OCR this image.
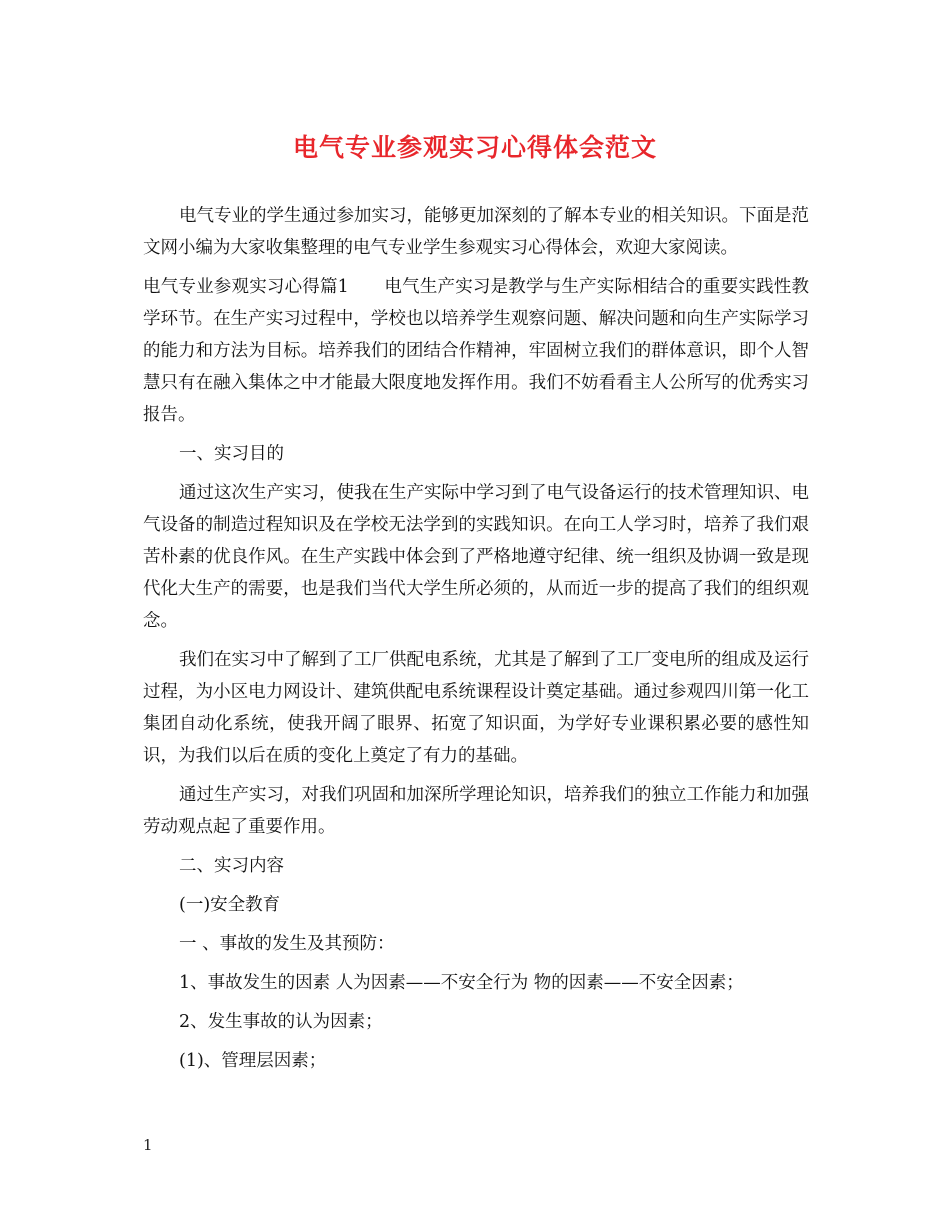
电气专业参观实习心得体会范文

电气专业的学生通过参加实习，能够更加深刻的了解本专业的相关知识。下面是范文网小编为大家收集整理的电气专业学生参观实习心得体会，欢迎大家阅读。

电气专业参观实习心得篇1　　电气生产实习是教学与生产实际相结合的重要实践性教学环节。在生产实习过程中，学校也以培养学生观察问题、解决问题和向生产实际学习的能力和方法为目标。培养我们的团结合作精神，牢固树立我们的群体意识，即个人智慧只有在融入集体之中才能最大限度地发挥作用。我们不妨看看主人公所写的优秀实习报告。

一、实习目的

通过这次生产实习，使我在生产实际中学习到了电气设备运行的技术管理知识、电气设备的制造过程知识及在学校无法学到的实践知识。在向工人学习时，培养了我们艰苦朴素的优良作风。在生产实践中体会到了严格地遵守纪律、统一组织及协调一致是现代化大生产的需要，也是我们当代大学生所必须的，从而近一步的提高了我们的组织观念。

我们在实习中了解到了工厂供配电系统，尤其是了解到了工厂变电所的组成及运行过程，为小区电力网设计、建筑供配电系统课程设计奠定基础。通过参观四川第一化工集团自动化系统，使我开阔了眼界、拓宽了知识面，为学好专业课积累必要的感性知识，为我们以后在质的变化上奠定了有力的基础。

通过生产实习，对我们巩固和加深所学理论知识，培养我们的独立工作能力和加强劳动观点起了重要作用。

二、实习内容

(一)安全教育

一 、事故的发生及其预防：

1、事故发生的因素 人为因素——不安全行为 物的因素——不安全因素；

2、发生事故的认为因素；

(1)、管理层因素；

1
